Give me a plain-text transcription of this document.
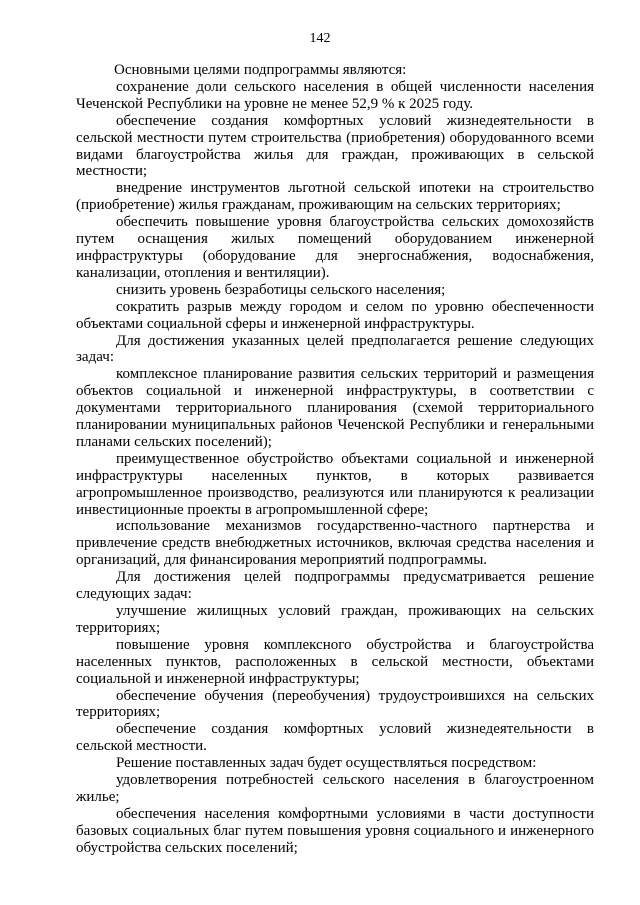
142

Основными целями подпрограммы являются:

сохранение доли сельского населения в общей численности населения Чеченской Республики на уровне не менее 52,9 % к 2025 году.

обеспечение создания комфортных условий жизнедеятельности в сельской местности путем строительства (приобретения) оборудованного всеми видами благоустройства жилья для граждан, проживающих в сельской местности;

внедрение инструментов льготной сельской ипотеки на строительство (приобретение) жилья гражданам, проживающим на сельских территориях;

обеспечить повышение уровня благоустройства сельских домохозяйств путем оснащения жилых помещений оборудованием инженерной инфраструктуры (оборудование для энергоснабжения, водоснабжения, канализации, отопления и вентиляции).

снизить уровень безработицы сельского населения;

сократить разрыв между городом и селом по уровню обеспеченности объектами социальной сферы и инженерной инфраструктуры.

Для достижения указанных целей предполагается решение следующих задач:

комплексное планирование развития сельских территорий и размещения объектов социальной и инженерной инфраструктуры, в соответствии с документами территориального планирования (схемой территориального планировании муниципальных районов Чеченской Республики и генеральными планами сельских поселений);

преимущественное обустройство объектами социальной и инженерной инфраструктуры населенных пунктов, в которых развивается агропромышленное производство, реализуются или планируются к реализации инвестиционные проекты в агропромышленной сфере;

использование механизмов государственно-частного партнерства и привлечение средств внебюджетных источников, включая средства населения и организаций, для финансирования мероприятий подпрограммы.

Для достижения целей подпрограммы предусматривается решение следующих задач:

улучшение жилищных условий граждан, проживающих на сельских территориях;

повышение уровня комплексного обустройства и благоустройства населенных пунктов, расположенных в сельской местности, объектами социальной и инженерной инфраструктуры;

обеспечение обучения (переобучения) трудоустроившихся на сельских территориях;

обеспечение создания комфортных условий жизнедеятельности в сельской местности.

Решение поставленных задач будет осуществляться посредством:

удовлетворения потребностей сельского населения в благоустроенном жилье;

обеспечения населения комфортными условиями в части доступности базовых социальных благ путем повышения уровня социального и инженерного обустройства сельских поселений;
